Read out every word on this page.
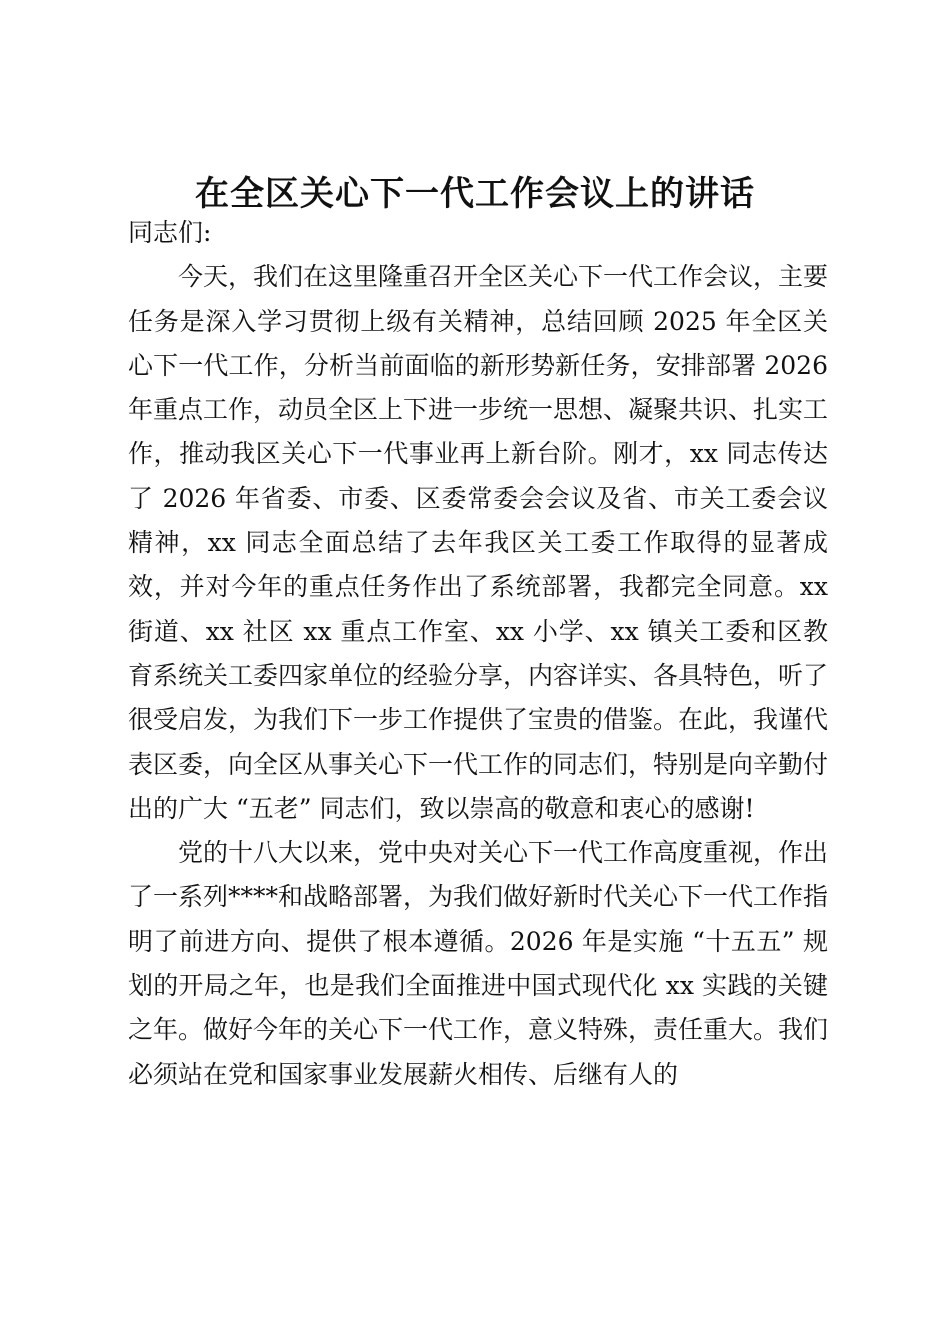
在全区关心下一代工作会议上的讲话

同志们:

今天，我们在这里隆重召开全区关心下一代工作会议，主要任务是深入学习贯彻上级有关精神，总结回顾 2025 年全区关心下一代工作，分析当前面临的新形势新任务，安排部署 2026 年重点工作，动员全区上下进一步统一思想、凝聚共识、扎实工作，推动我区关心下一代事业再上新台阶。刚才，xx 同志传达了 2026 年省委、市委、区委常委会会议及省、市关工委会议精神，xx 同志全面总结了去年我区关工委工作取得的显著成效，并对今年的重点任务作出了系统部署，我都完全同意。xx 街道、xx 社区 xx 重点工作室、xx 小学、xx 镇关工委和区教育系统关工委四家单位的经验分享，内容详实、各具特色，听了很受启发，为我们下一步工作提供了宝贵的借鉴。在此，我谨代表区委，向全区从事关心下一代工作的同志们，特别是向辛勤付出的广大 “五老” 同志们，致以崇高的敬意和衷心的感谢!

党的十八大以来，党中央对关心下一代工作高度重视，作出了一系列****和战略部署，为我们做好新时代关心下一代工作指明了前进方向、提供了根本遵循。2026 年是实施 “十五五” 规划的开局之年，也是我们全面推进中国式现代化 xx 实践的关键之年。做好今年的关心下一代工作，意义特殊，责任重大。我们必须站在党和国家事业发展薪火相传、后继有人的
